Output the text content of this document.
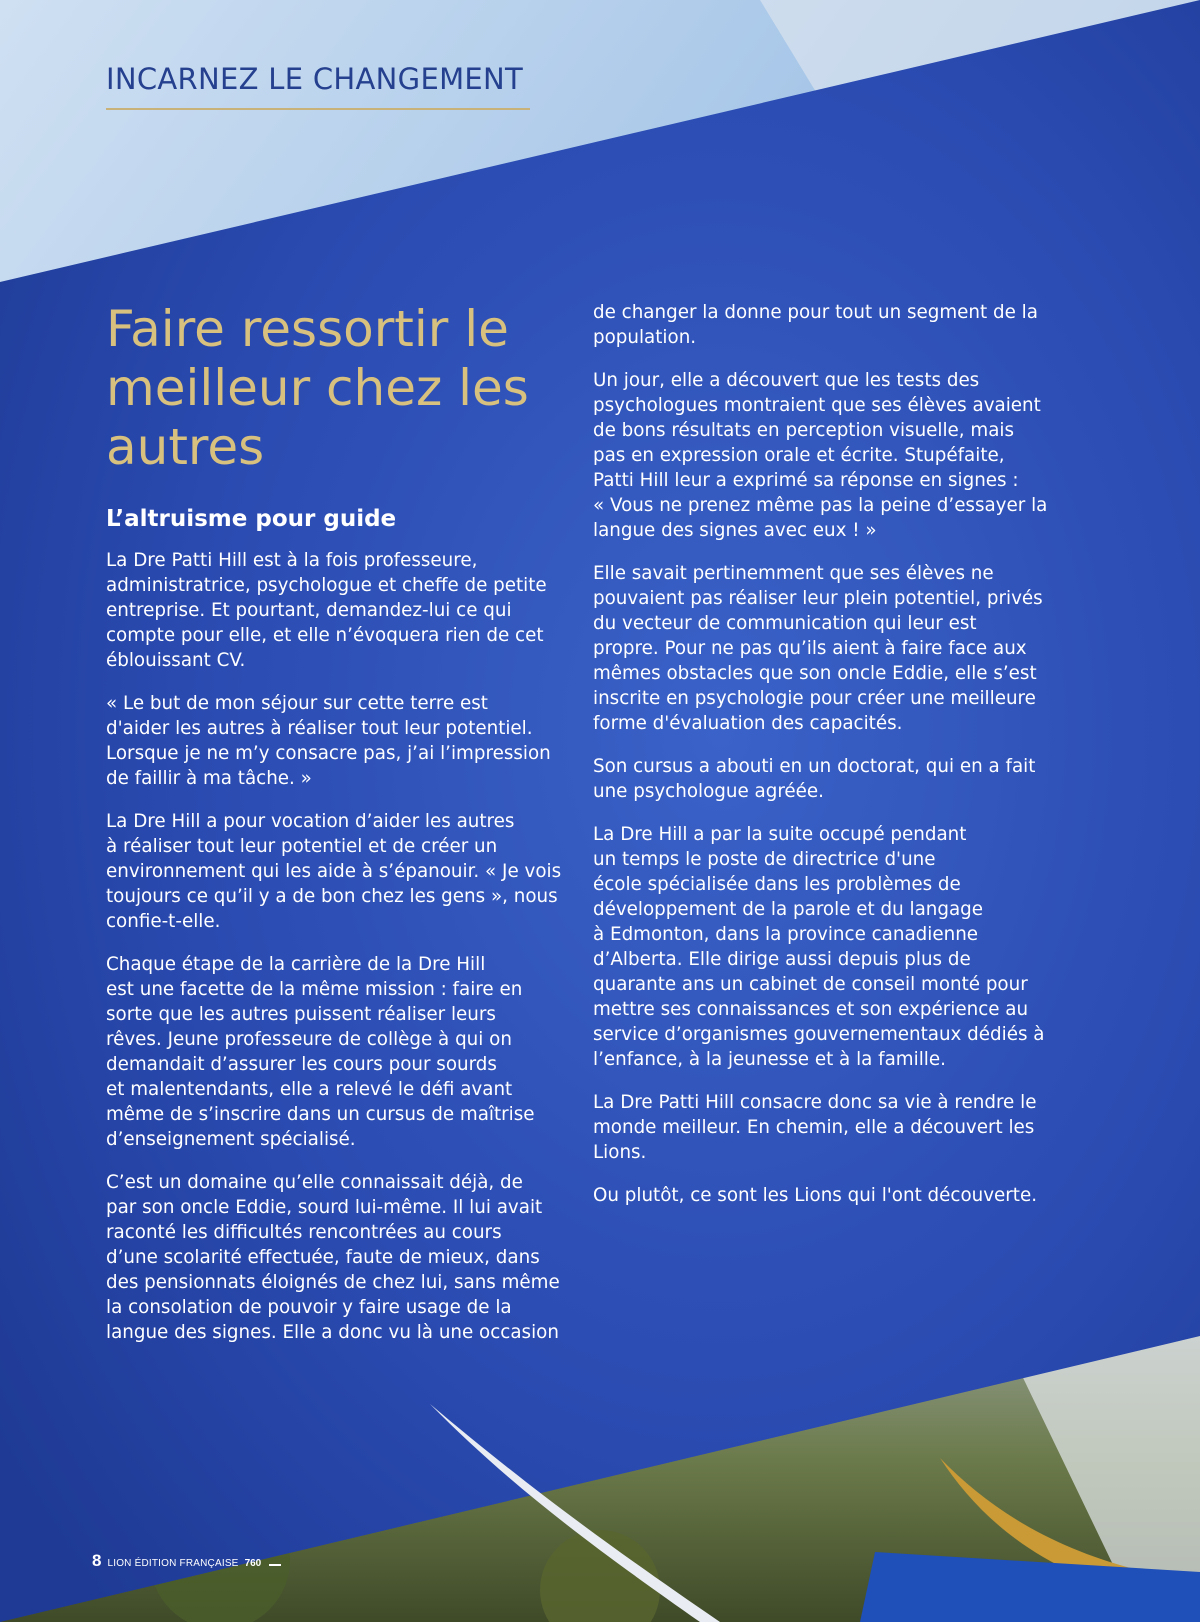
INCARNEZ LE CHANGEMENT
Faire ressortir le
meilleur chez les
autres
L’altruisme pour guide

La Dre Patti Hill est à la fois professeure,
administratrice, psychologue et cheffe de petite
entreprise. Et pourtant, demandez-lui ce qui
compte pour elle, et elle n’évoquera rien de cet
éblouissant CV.

« Le but de mon séjour sur cette terre est
d'aider les autres à réaliser tout leur potentiel.
Lorsque je ne m’y consacre pas, j’ai l’impression
de faillir à ma tâche. »

La Dre Hill a pour vocation d’aider les autres
à réaliser tout leur potentiel et de créer un
environnement qui les aide à s’épanouir. « Je vois
toujours ce qu’il y a de bon chez les gens », nous
confie-t-elle.

Chaque étape de la carrière de la Dre Hill
est une facette de la même mission : faire en
sorte que les autres puissent réaliser leurs
rêves. Jeune professeure de collège à qui on
demandait d’assurer les cours pour sourds
et malentendants, elle a relevé le défi avant
même de s’inscrire dans un cursus de maîtrise
d’enseignement spécialisé.

C’est un domaine qu’elle connaissait déjà, de
par son oncle Eddie, sourd lui-même. Il lui avait
raconté les difficultés rencontrées au cours
d’une scolarité effectuée, faute de mieux, dans
des pensionnats éloignés de chez lui, sans même
la consolation de pouvoir y faire usage de la
langue des signes. Elle a donc vu là une occasion

de changer la donne pour tout un segment de la
population.

Un jour, elle a découvert que les tests des
psychologues montraient que ses élèves avaient
de bons résultats en perception visuelle, mais
pas en expression orale et écrite. Stupéfaite,
Patti Hill leur a exprimé sa réponse en signes :
« Vous ne prenez même pas la peine d’essayer la
langue des signes avec eux ! »

Elle savait pertinemment que ses élèves ne
pouvaient pas réaliser leur plein potentiel, privés
du vecteur de communication qui leur est
propre. Pour ne pas qu’ils aient à faire face aux
mêmes obstacles que son oncle Eddie, elle s’est
inscrite en psychologie pour créer une meilleure
forme d'évaluation des capacités.

Son cursus a abouti en un doctorat, qui en a fait
une psychologue agréée.

La Dre Hill a par la suite occupé pendant
un temps le poste de directrice d'une
école spécialisée dans les problèmes de
développement de la parole et du langage
à Edmonton, dans la province canadienne
d’Alberta. Elle dirige aussi depuis plus de
quarante ans un cabinet de conseil monté pour
mettre ses connaissances et son expérience au
service d’organismes gouvernementaux dédiés à
l’enfance, à la jeunesse et à la famille.

La Dre Patti Hill consacre donc sa vie à rendre le
monde meilleur. En chemin, elle a découvert les
Lions.

Ou plutôt, ce sont les Lions qui l'ont découverte.

8 LION ÉDITION FRANÇAISE 760
